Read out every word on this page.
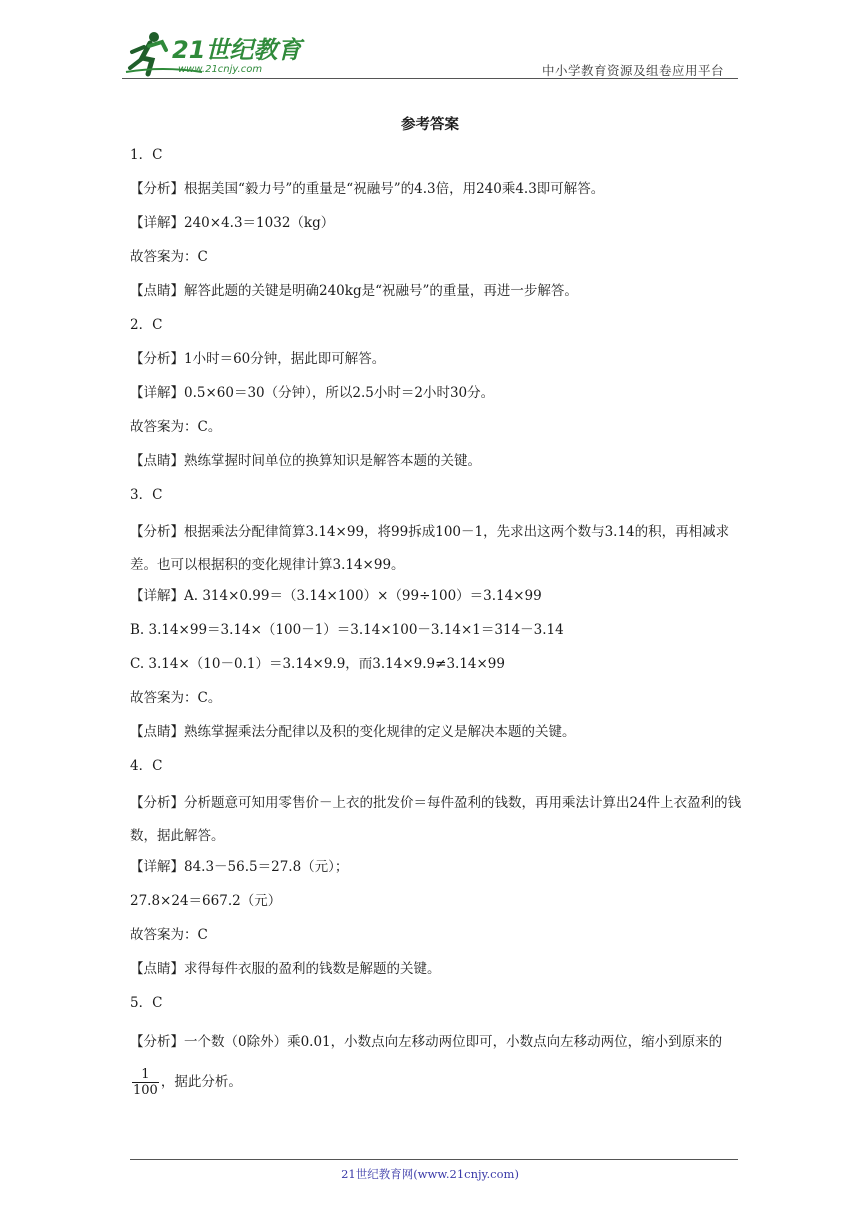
21世纪教育
www.21cnjy.com	中小学教育资源及组卷应用平台
参考答案
1．C
【分析】根据美国“毅力号”的重量是“祝融号”的4.3倍，用240乘4.3即可解答。
【详解】240×4.3＝1032（kg）
故答案为：C
【点睛】解答此题的关键是明确240kg是“祝融号”的重量，再进一步解答。
2．C
【分析】1小时＝60分钟，据此即可解答。
【详解】0.5×60＝30（分钟），所以2.5小时＝2小时30分。
故答案为：C。
【点睛】熟练掌握时间单位的换算知识是解答本题的关键。
3．C
【分析】根据乘法分配律简算3.14×99，将99拆成100－1，先求出这两个数与3.14的积，再相减求差。也可以根据积的变化规律计算3.14×99。
【详解】A. 314×0.99＝（3.14×100）×（99÷100）＝3.14×99
B. 3.14×99＝3.14×（100－1）＝3.14×100－3.14×1＝314－3.14
C. 3.14×（10－0.1）＝3.14×9.9，而3.14×9.9≠3.14×99
故答案为：C。
【点睛】熟练掌握乘法分配律以及积的变化规律的定义是解决本题的关键。
4．C
【分析】分析题意可知用零售价－上衣的批发价＝每件盈利的钱数，再用乘法计算出24件上衣盈利的钱数，据此解答。
【详解】84.3－56.5＝27.8（元）；
27.8×24＝667.2（元）
故答案为：C
【点睛】求得每件衣服的盈利的钱数是解题的关键。
5．C
【分析】一个数（0除外）乘0.01，小数点向左移动两位即可，小数点向左移动两位，缩小到原来的
$\frac{1}{100}$ ，据此分析。
21世纪教育网(www.21cnjy.com)
